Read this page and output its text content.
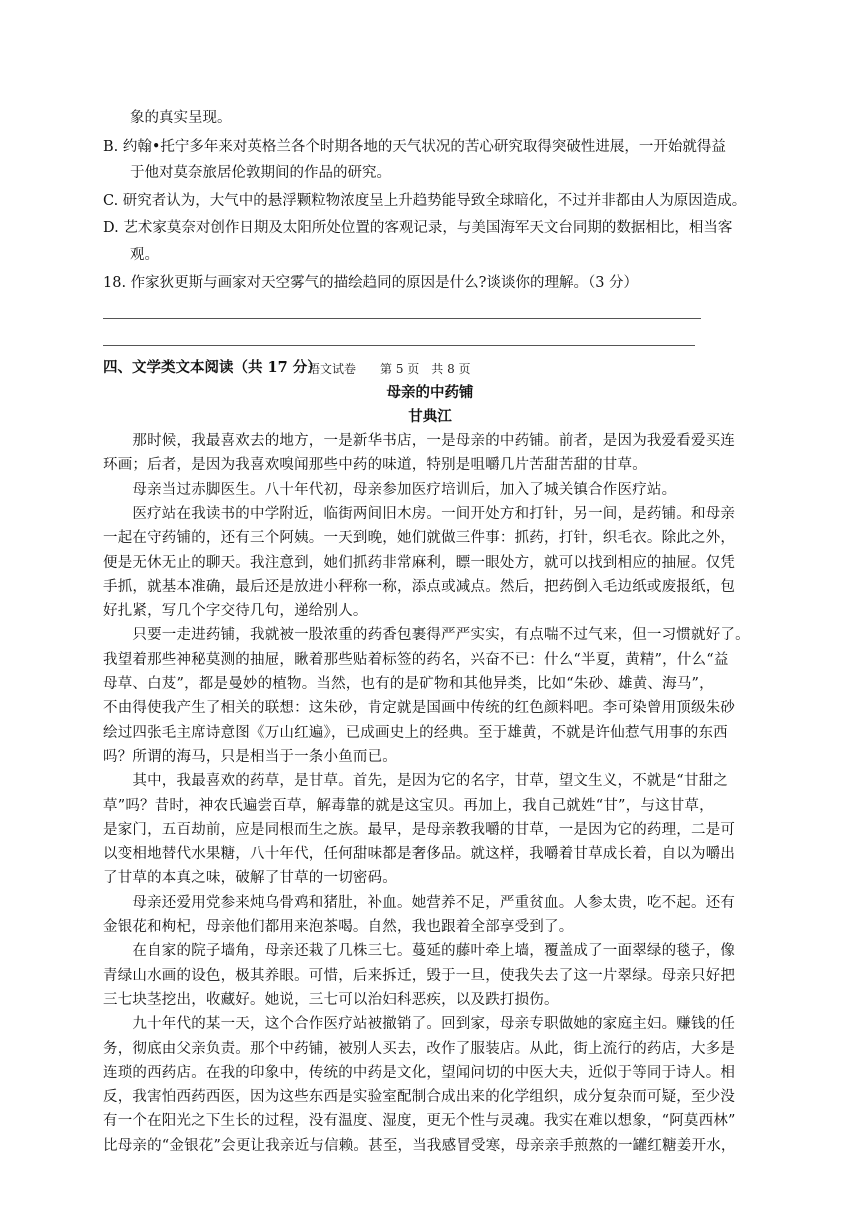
象的真实呈现。
B. 约翰•托宁多年来对英格兰各个时期各地的天气状况的苦心研究取得突破性进展，一开始就得益
于他对莫奈旅居伦敦期间的作品的研究。
C. 研究者认为，大气中的悬浮颗粒物浓度呈上升趋势能导致全球暗化，不过并非都由人为原因造成。
D. 艺术家莫奈对创作日期及太阳所处位置的客观记录，与美国海军天文台同期的数据相比，相当客
观。
18. 作家狄更斯与画家对天空雾气的描绘趋同的原因是什么?谈谈你的理解。（3 分）
四、文学类文本阅读（共 17 分）
语文试卷　　第 5 页　共 8 页
母亲的中药铺
甘典江
　　那时候，我最喜欢去的地方，一是新华书店，一是母亲的中药铺。前者，是因为我爱看爱买连
环画；后者，是因为我喜欢嗅闻那些中药的味道，特别是咀嚼几片苦甜苦甜的甘草。
　　母亲当过赤脚医生。八十年代初，母亲参加医疗培训后，加入了城关镇合作医疗站。
　　医疗站在我读书的中学附近，临街两间旧木房。一间开处方和打针，另一间，是药铺。和母亲
一起在守药铺的，还有三个阿姨。一天到晚，她们就做三件事：抓药，打针，织毛衣。除此之外，
便是无休无止的聊天。我注意到，她们抓药非常麻利，瞟一眼处方，就可以找到相应的抽屉。仅凭
手抓，就基本准确，最后还是放进小秤称一称，添点或减点。然后，把药倒入毛边纸或废报纸，包
好扎紧，写几个字交待几句，递给别人。
　　只要一走进药铺，我就被一股浓重的药香包裹得严严实实，有点喘不过气来，但一习惯就好了。
我望着那些神秘莫测的抽屉，瞅着那些贴着标签的药名，兴奋不已：什么“半夏，黄精”，什么“益
母草、白芨”，都是曼妙的植物。当然，也有的是矿物和其他异类，比如“朱砂、雄黄、海马”，
不由得使我产生了相关的联想：这朱砂，肯定就是国画中传统的红色颜料吧。李可染曾用顶级朱砂
绘过四张毛主席诗意图《万山红遍》，已成画史上的经典。至于雄黄，不就是许仙惹气用事的东西
吗？所谓的海马，只是相当于一条小鱼而已。
　　其中，我最喜欢的药草，是甘草。首先，是因为它的名字，甘草，望文生义，不就是“甘甜之
草”吗？昔时，神农氏遍尝百草，解毒靠的就是这宝贝。再加上，我自己就姓“甘”，与这甘草，
是家门，五百劫前，应是同根而生之族。最早，是母亲教我嚼的甘草，一是因为它的药理，二是可
以变相地替代水果糖，八十年代，任何甜味都是奢侈品。就这样，我嚼着甘草成长着，自以为嚼出
了甘草的本真之味，破解了甘草的一切密码。
　　母亲还爱用党参来炖乌骨鸡和猪肚，补血。她营养不足，严重贫血。人参太贵，吃不起。还有
金银花和枸杞，母亲他们都用来泡茶喝。自然，我也跟着全部享受到了。
　　在自家的院子墙角，母亲还栽了几株三七。蔓延的藤叶牵上墙，覆盖成了一面翠绿的毯子，像
青绿山水画的设色，极其养眼。可惜，后来拆迁，毁于一旦，使我失去了这一片翠绿。母亲只好把
三七块茎挖出，收藏好。她说，三七可以治妇科恶疾，以及跌打损伤。
　　九十年代的某一天，这个合作医疗站被撤销了。回到家，母亲专职做她的家庭主妇。赚钱的任
务，彻底由父亲负责。那个中药铺，被别人买去，改作了服装店。从此，街上流行的药店，大多是
连琐的西药店。在我的印象中，传统的中药是文化，望闻问切的中医大夫，近似于等同于诗人。相
反，我害怕西药西医，因为这些东西是实验室配制合成出来的化学组织，成分复杂而可疑，至少没
有一个在阳光之下生长的过程，没有温度、湿度，更无个性与灵魂。我实在难以想象，“阿莫西林”
比母亲的“金银花”会更让我亲近与信赖。甚至，当我感冒受寒，母亲亲手煎熬的一罐红糖姜开水，
